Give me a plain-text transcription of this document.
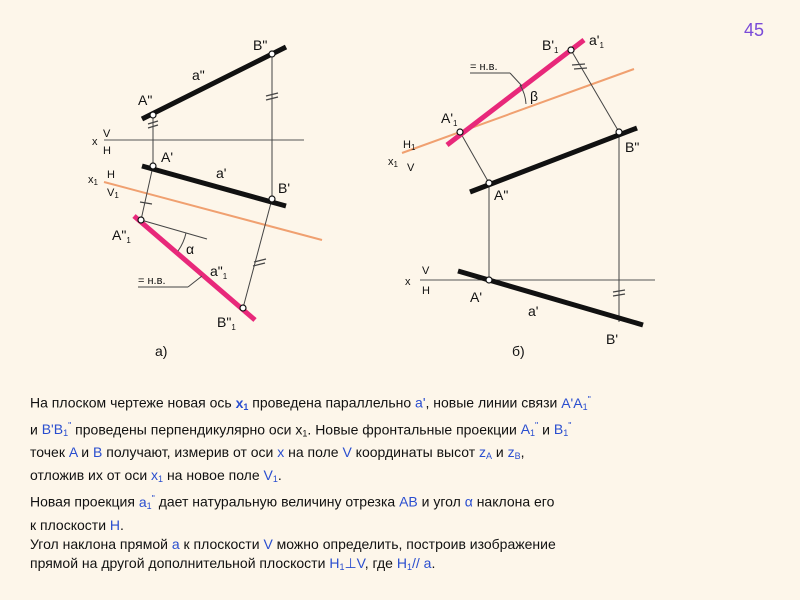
45
x
V
H
x1
H
V1
α
= н.в.
A"
B"
a"
A'
a'
B'
$A"_1$
$a"_1$
$B"_1$
а)
x
V
H
x1
H1
V
β
= н.в.
A"
B"
A'
a'
B'
$A'_1$
$B'_1$
$a'_1$
б)

На плоском чертеже новая ось $x_1$ проведена параллельно a', новые линии связи $A'A_1^"$

и $B'B_1^"$ проведены перпендикулярно оси $x_1$. Новые фронтальные проекции $A_1^"$ и $B_1^"$

точек A и B получают, измерив от оси x на поле V координаты высот $z_A$ и $z_B$,

отложив их от оси $x_1$ на новое поле $V_1$.

Новая проекция $a_1^"$ дает натуральную величину отрезка AB и угол α наклона его

к плоскости H.

Угол наклона прямой a к плоскости V можно определить, построив изображение

прямой на другой дополнительной плоскости $H_1\perp V$, где $H_1//$ a.
